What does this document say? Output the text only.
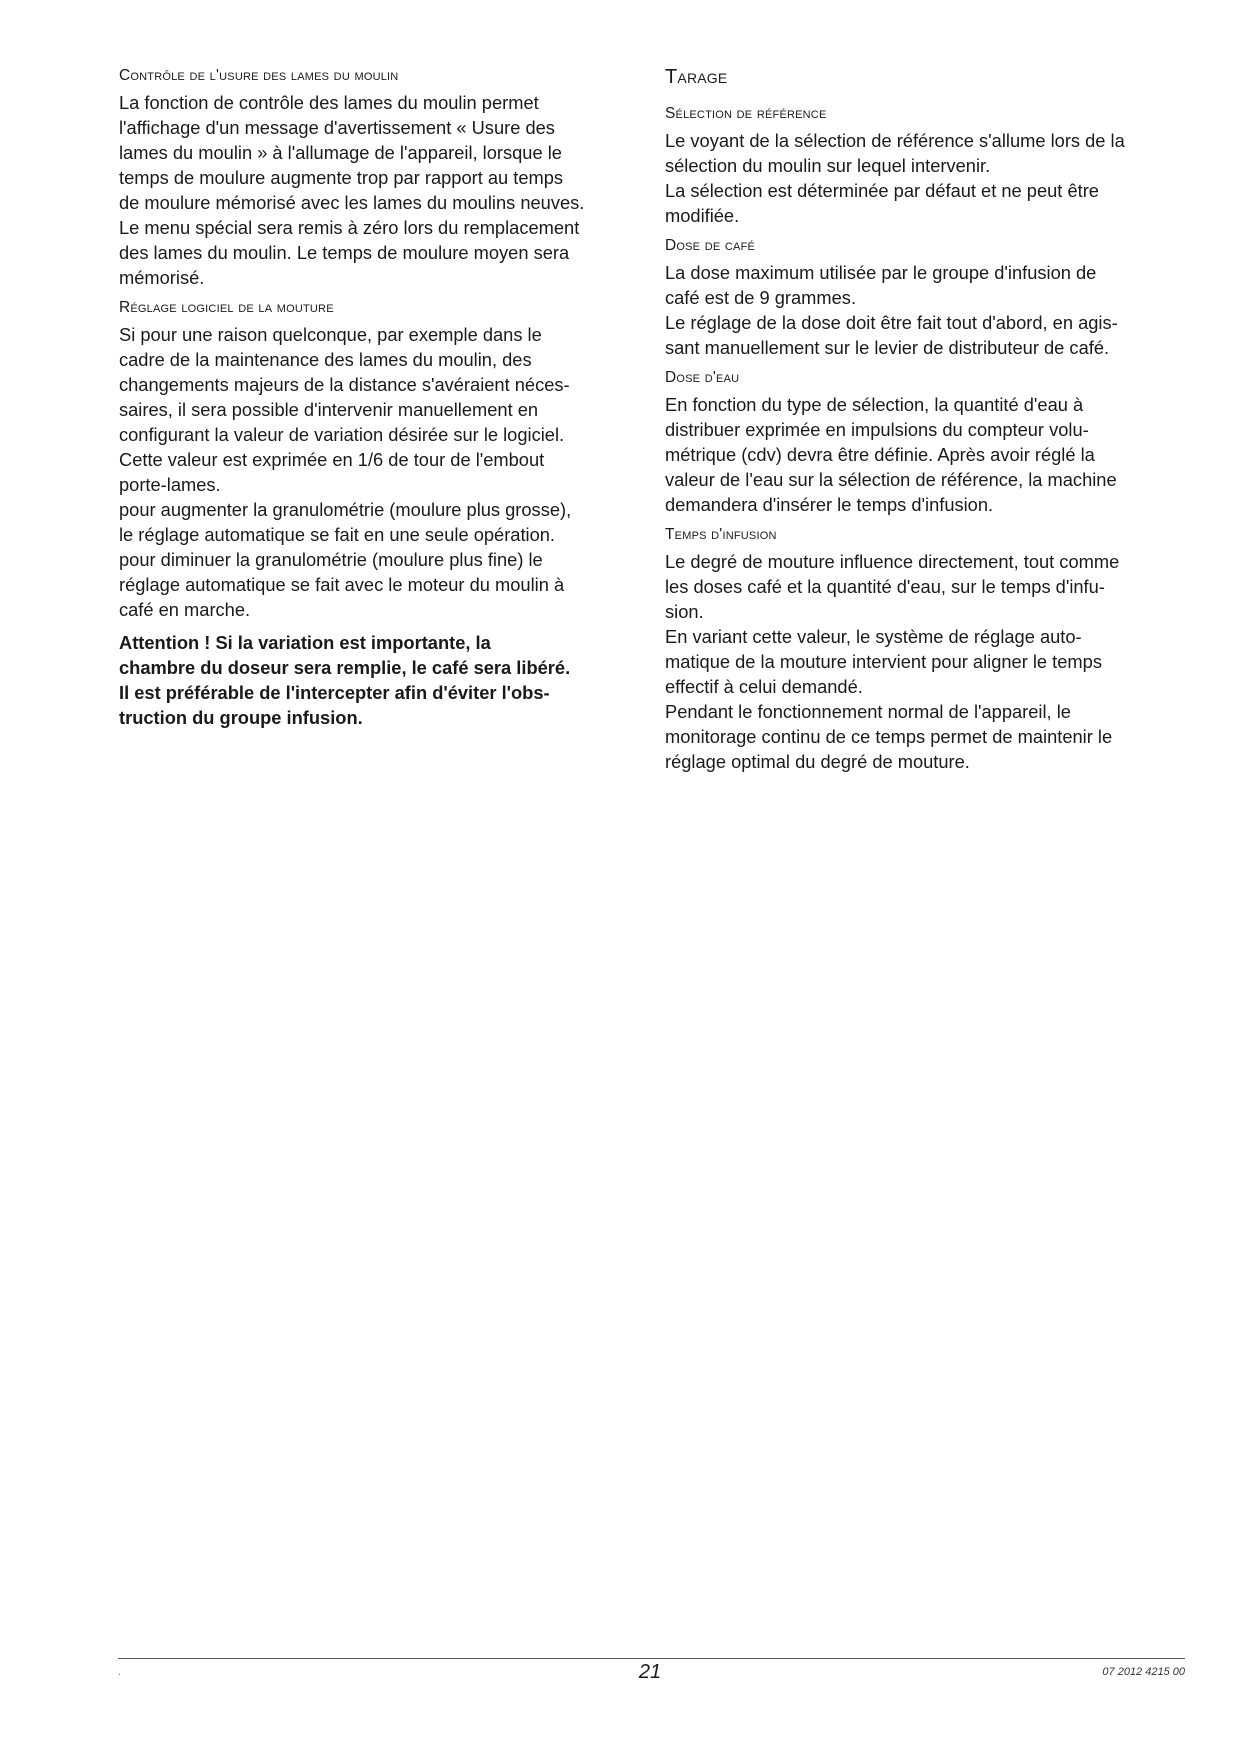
Contrôle de l'usure des lames du moulin
La fonction de contrôle des lames du moulin permet
l'affichage d'un message d'avertissement « Usure des
lames du moulin » à l'allumage de l'appareil, lorsque le
temps de moulure augmente trop par rapport au temps
de moulure mémorisé avec les lames du moulins neuves.
Le menu spécial sera remis à zéro lors du remplacement
des lames du moulin. Le temps de moulure moyen sera
mémorisé.
Réglage logiciel de la mouture
Si pour une raison quelconque, par exemple dans le
cadre de la maintenance des lames du moulin, des
changements majeurs de la distance s'avéraient néces-
saires, il sera possible d'intervenir manuellement en
configurant la valeur de variation désirée sur le logiciel.
Cette valeur est exprimée en 1/6 de tour de l'embout
porte-lames.
pour augmenter la granulométrie (moulure plus grosse),
le réglage automatique se fait en une seule opération.
pour diminuer la granulométrie (moulure plus fine) le
réglage automatique se fait avec le moteur du moulin à
café en marche.
Attention ! Si la variation est importante, la
chambre du doseur sera remplie, le café sera libéré.
Il est préférable de l'intercepter afin d'éviter l'obs-
truction du groupe infusion.
Tarage
Sélection de référence
Le voyant de la sélection de référence s'allume lors de la
sélection du moulin sur lequel intervenir.
La sélection est déterminée par défaut et ne peut être
modifiée.
Dose de café
La dose maximum utilisée par le groupe d'infusion de
café est de 9 grammes.
Le réglage de la dose doit être fait tout d'abord, en agis-
sant manuellement sur le levier de distributeur de café.
Dose d'eau
En fonction du type de sélection, la quantité d'eau à
distribuer exprimée en impulsions du compteur volu-
métrique (cdv) devra être définie. Après avoir réglé la
valeur de l'eau sur la sélection de référence, la machine
demandera d'insérer le temps d'infusion.
Temps d'infusion
Le degré de mouture influence directement, tout comme
les doses café et la quantité d'eau, sur le temps d'infu-
sion.
En variant cette valeur, le système de réglage auto-
matique de la mouture intervient pour aligner le temps
effectif à celui demandé.
Pendant le fonctionnement normal de l'appareil, le
monitorage continu de ce temps permet de maintenir le
réglage optimal du degré de mouture.
.	21	07 2012 4215 00
